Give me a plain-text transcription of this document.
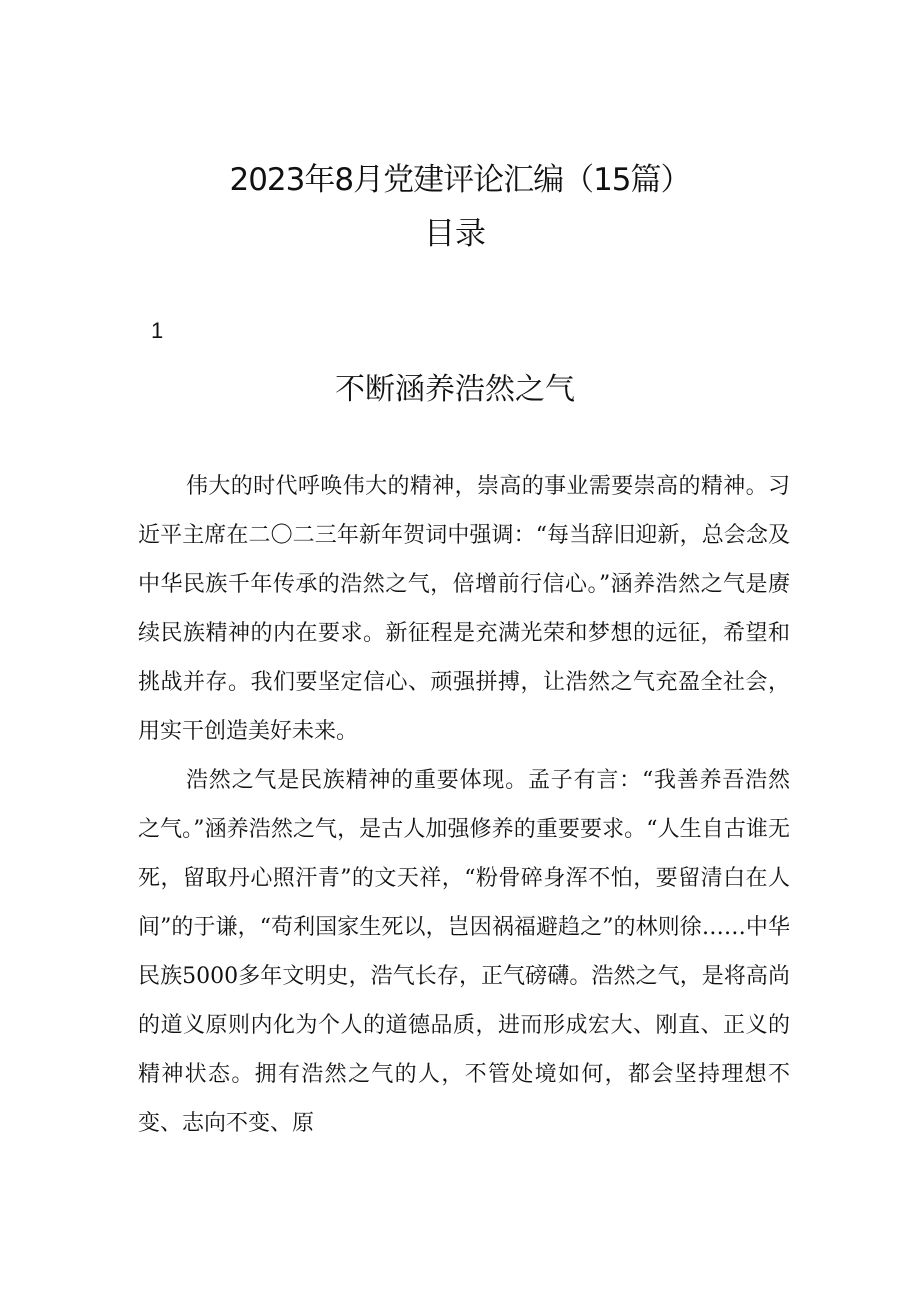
2023年8月党建评论汇编（15篇）
目录
1
不断涵养浩然之气

伟大的时代呼唤伟大的精神，崇高的事业需要崇高的精神。习近平主席在二〇二三年新年贺词中强调：“每当辞旧迎新，总会念及中华民族千年传承的浩然之气，倍增前行信心。”涵养浩然之气是赓续民族精神的内在要求。新征程是充满光荣和梦想的远征，希望和挑战并存。我们要坚定信心、顽强拼搏，让浩然之气充盈全社会，用实干创造美好未来。

浩然之气是民族精神的重要体现。孟子有言：“我善养吾浩然之气。”涵养浩然之气，是古人加强修养的重要要求。“人生自古谁无死，留取丹心照汗青”的文天祥，“粉骨碎身浑不怕，要留清白在人间”的于谦，“苟利国家生死以，岂因祸福避趋之”的林则徐……中华民族5000多年文明史，浩气长存，正气磅礴。浩然之气，是将高尚的道义原则内化为个人的道德品质，进而形成宏大、刚直、正义的精神状态。拥有浩然之气的人，不管处境如何，都会坚持理想不变、志向不变、原
